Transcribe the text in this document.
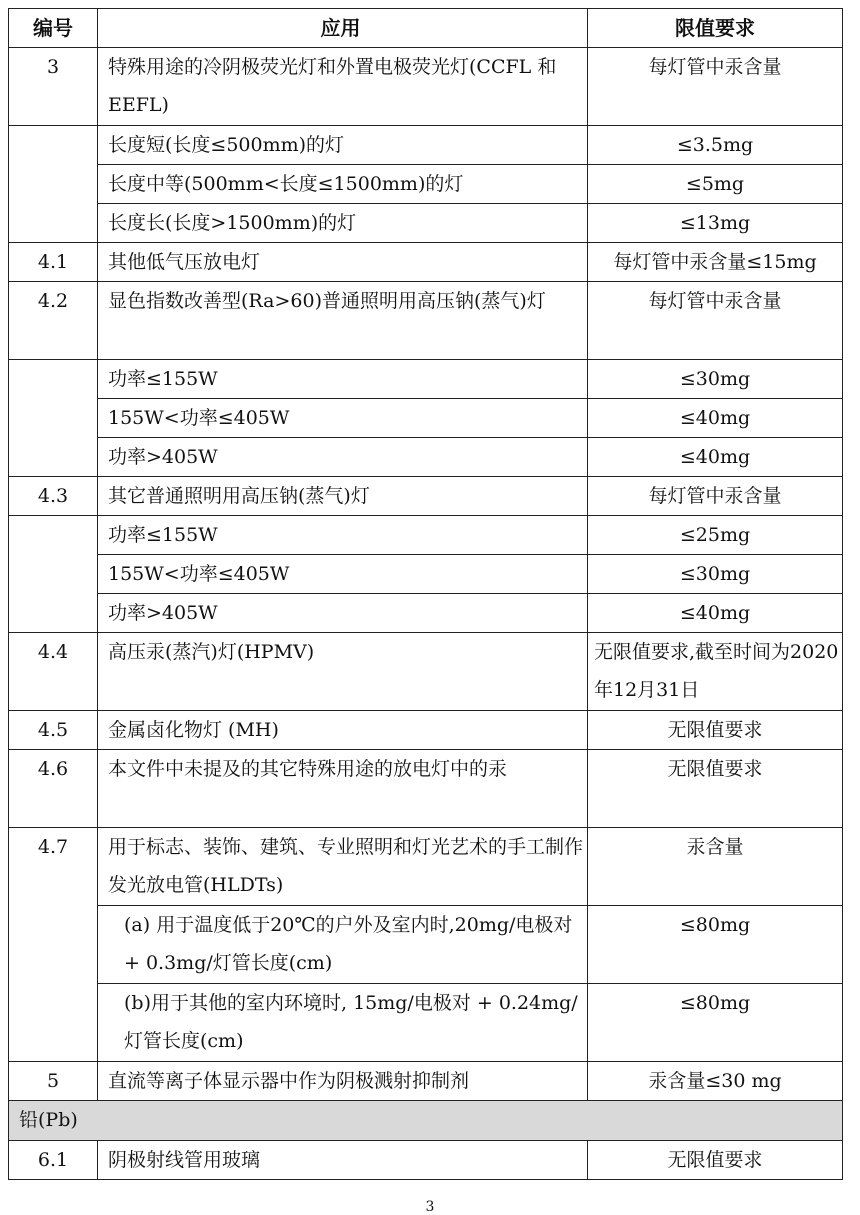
编号	应用	限值要求
3	特殊用途的冷阴极荧光灯和外置电极荧光灯(CCFL 和 EEFL)	每灯管中汞含量
	长度短(长度≤500mm)的灯	≤3.5mg
	长度中等(500mm<长度≤1500mm)的灯	≤5mg
	长度长(长度>1500mm)的灯	≤13mg
4.1	其他低气压放电灯	每灯管中汞含量≤15mg
4.2	显色指数改善型(Ra>60)普通照明用高压钠(蒸气)灯	每灯管中汞含量
	功率≤155W	≤30mg
	155W<功率≤405W	≤40mg
	功率>405W	≤40mg
4.3	其它普通照明用高压钠(蒸气)灯	每灯管中汞含量
	功率≤155W	≤25mg
	155W<功率≤405W	≤30mg
	功率>405W	≤40mg
4.4	高压汞(蒸汽)灯(HPMV)	无限值要求,截至时间为2020年12月31日
4.5	金属卤化物灯 (MH)	无限值要求
4.6	本文件中未提及的其它特殊用途的放电灯中的汞	无限值要求
4.7	用于标志、装饰、建筑、专业照明和灯光艺术的手工制作发光放电管(HLDTs)	汞含量
	(a) 用于温度低于20℃的户外及室内时,20mg/电极对 + 0.3mg/灯管长度(cm)	≤80mg
	(b)用于其他的室内环境时, 15mg/电极对 + 0.24mg/灯管长度(cm)	≤80mg
5	直流等离子体显示器中作为阴极溅射抑制剂	汞含量≤30 mg
铅(Pb)		
6.1	阴极射线管用玻璃	无限值要求
3
